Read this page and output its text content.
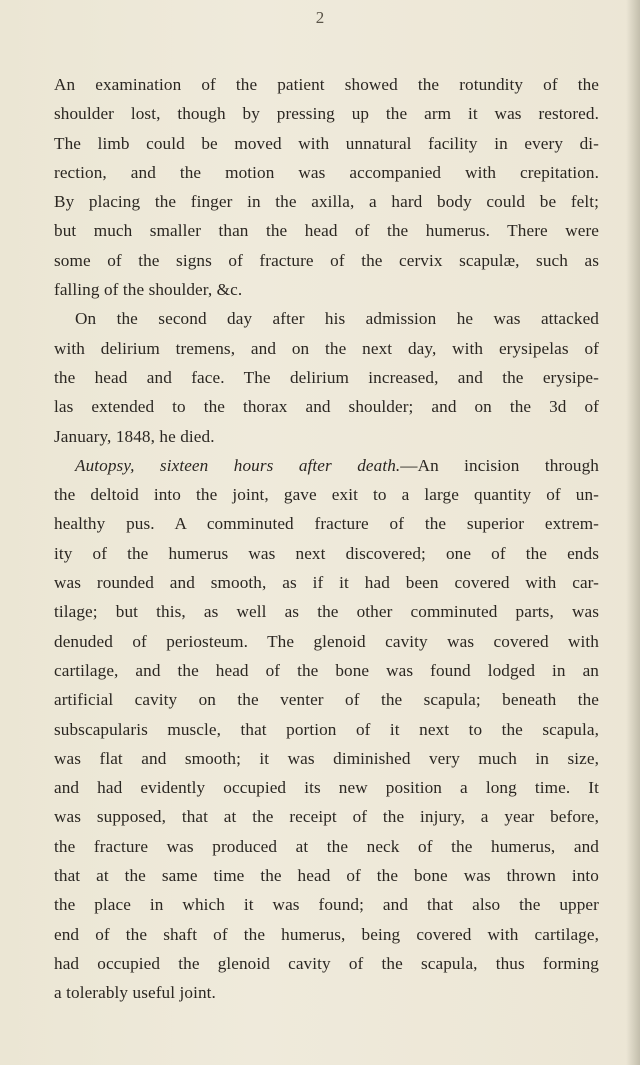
2

An examination of the patient showed the rotundity of the
shoulder lost, though by pressing up the arm it was restored.
The limb could be moved with unnatural facility in every di-
rection, and the motion was accompanied with crepitation.
By placing the finger in the axilla, a hard body could be felt;
but much smaller than the head of the humerus. There were
some of the signs of fracture of the cervix scapulæ, such as
falling of the shoulder, &c.

On the second day after his admission he was attacked
with delirium tremens, and on the next day, with erysipelas of
the head and face. The delirium increased, and the erysipe-
las extended to the thorax and shoulder; and on the 3d of
January, 1848, he died.

Autopsy, sixteen hours after death.—An incision through
the deltoid into the joint, gave exit to a large quantity of un-
healthy pus. A comminuted fracture of the superior extrem-
ity of the humerus was next discovered; one of the ends
was rounded and smooth, as if it had been covered with car-
tilage; but this, as well as the other comminuted parts, was
denuded of periosteum. The glenoid cavity was covered with
cartilage, and the head of the bone was found lodged in an
artificial cavity on the venter of the scapula; beneath the
subscapularis muscle, that portion of it next to the scapula,
was flat and smooth; it was diminished very much in size,
and had evidently occupied its new position a long time. It
was supposed, that at the receipt of the injury, a year before,
the fracture was produced at the neck of the humerus, and
that at the same time the head of the bone was thrown into
the place in which it was found; and that also the upper
end of the shaft of the humerus, being covered with cartilage,
had occupied the glenoid cavity of the scapula, thus forming
a tolerably useful joint.
